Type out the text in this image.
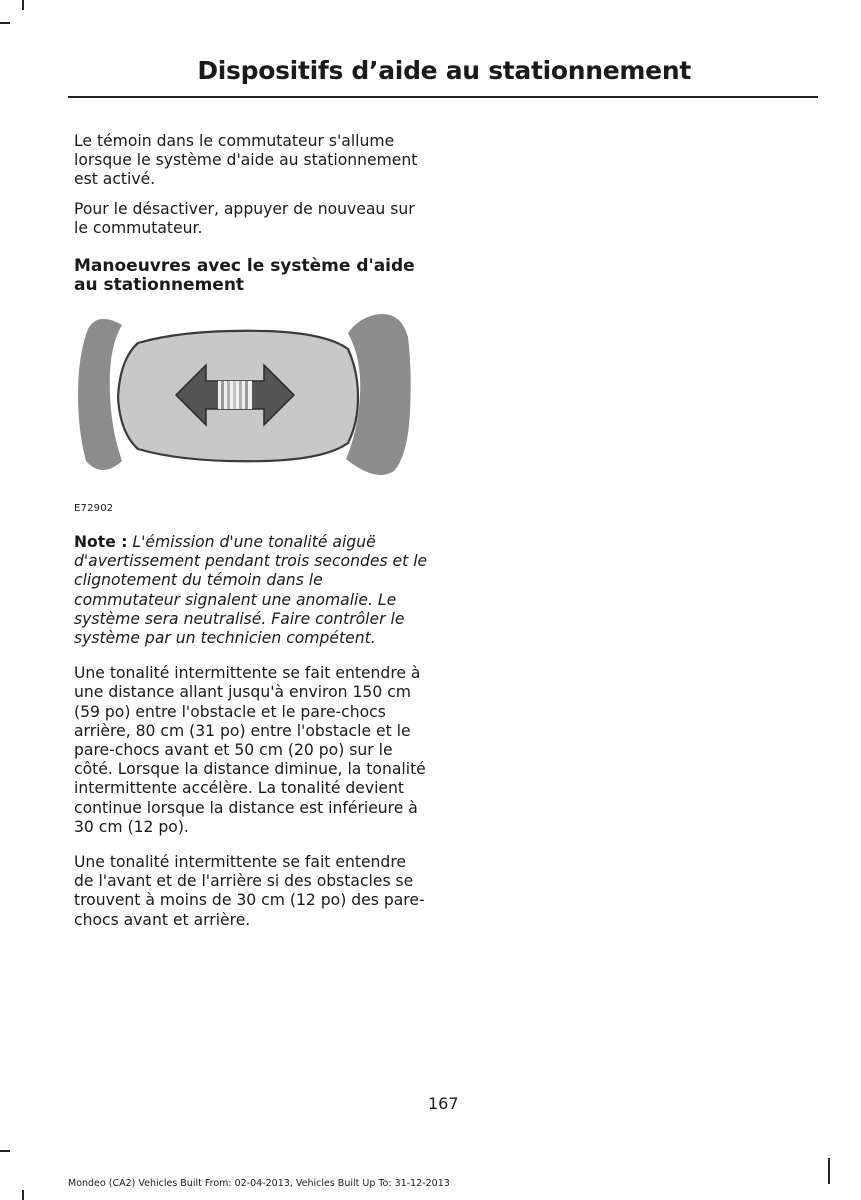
Dispositifs d’aide au stationnement

Le témoin dans le commutateur s'allume lorsque le système d'aide au stationnement est activé.

Pour le désactiver, appuyer de nouveau sur le commutateur.

Manoeuvres avec le système d'aide au stationnement
E72902

Note : L'émission d'une tonalité aiguë d'avertissement pendant trois secondes et le clignotement du témoin dans le commutateur signalent une anomalie. Le système sera neutralisé. Faire contrôler le système par un technicien compétent.

Une tonalité intermittente se fait entendre à une distance allant jusqu'à environ 150 cm (59 po) entre l'obstacle et le pare-chocs arrière, 80 cm (31 po) entre l'obstacle et le pare-chocs avant et 50 cm (20 po) sur le côté. Lorsque la distance diminue, la tonalité intermittente accélère. La tonalité devient continue lorsque la distance est inférieure à 30 cm (12 po).

Une tonalité intermittente se fait entendre de l'avant et de l'arrière si des obstacles se trouvent à moins de 30 cm (12 po) des pare-chocs avant et arrière.

167
Mondeo (CA2) Vehicles Built From: 02-04-2013, Vehicles Built Up To: 31-12-2013
